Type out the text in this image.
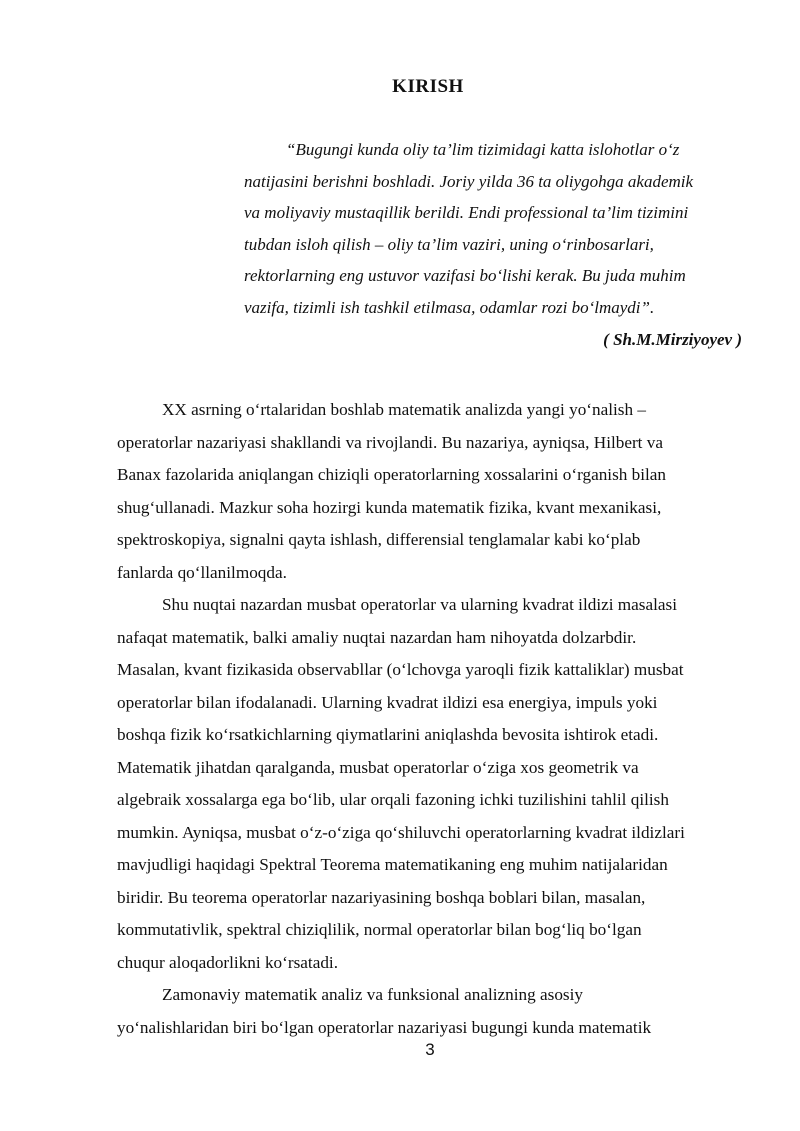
KIRISH
“Bugungi kunda oliy ta’lim tizimidagi katta islohotlar o‘z
natijasini berishni boshladi. Joriy yilda 36 ta oliygohga akademik
va moliyaviy mustaqillik berildi. Endi professional ta’lim tizimini
tubdan isloh qilish – oliy ta’lim vaziri, uning o‘rinbosarlari,
rektorlarning eng ustuvor vazifasi bo‘lishi kerak. Bu juda muhim
vazifa, tizimli ish tashkil etilmasa, odamlar rozi bo‘lmaydi”.
( Sh.M.Mirziyoyev )
XX asrning o‘rtalaridan boshlab matematik analizda yangi yo‘nalish –
operatorlar nazariyasi shakllandi va rivojlandi. Bu nazariya, ayniqsa, Hilbert va
Banax fazolarida aniqlangan chiziqli operatorlarning xossalarini o‘rganish bilan
shug‘ullanadi. Mazkur soha hozirgi kunda matematik fizika, kvant mexanikasi,
spektroskopiya, signalni qayta ishlash, differensial tenglamalar kabi ko‘plab
fanlarda qo‘llanilmoqda.
Shu nuqtai nazardan musbat operatorlar va ularning kvadrat ildizi masalasi
nafaqat matematik, balki amaliy nuqtai nazardan ham nihoyatda dolzarbdir.
Masalan, kvant fizikasida observabllar (o‘lchovga yaroqli fizik kattaliklar) musbat
operatorlar bilan ifodalanadi. Ularning kvadrat ildizi esa energiya, impuls yoki
boshqa fizik ko‘rsatkichlarning qiymatlarini aniqlashda bevosita ishtirok etadi.
Matematik jihatdan qaralganda, musbat operatorlar o‘ziga xos geometrik va
algebraik xossalarga ega bo‘lib, ular orqali fazoning ichki tuzilishini tahlil qilish
mumkin. Ayniqsa, musbat o‘z-o‘ziga qo‘shiluvchi operatorlarning kvadrat ildizlari
mavjudligi haqidagi Spektral Teorema matematikaning eng muhim natijalaridan
biridir. Bu teorema operatorlar nazariyasining boshqa boblari bilan, masalan,
kommutativlik, spektral chiziqlilik, normal operatorlar bilan bog‘liq bo‘lgan
chuqur aloqadorlikni ko‘rsatadi.
Zamonaviy matematik analiz va funksional analizning asosiy
yo‘nalishlaridan biri bo‘lgan operatorlar nazariyasi bugungi kunda matematik
3
